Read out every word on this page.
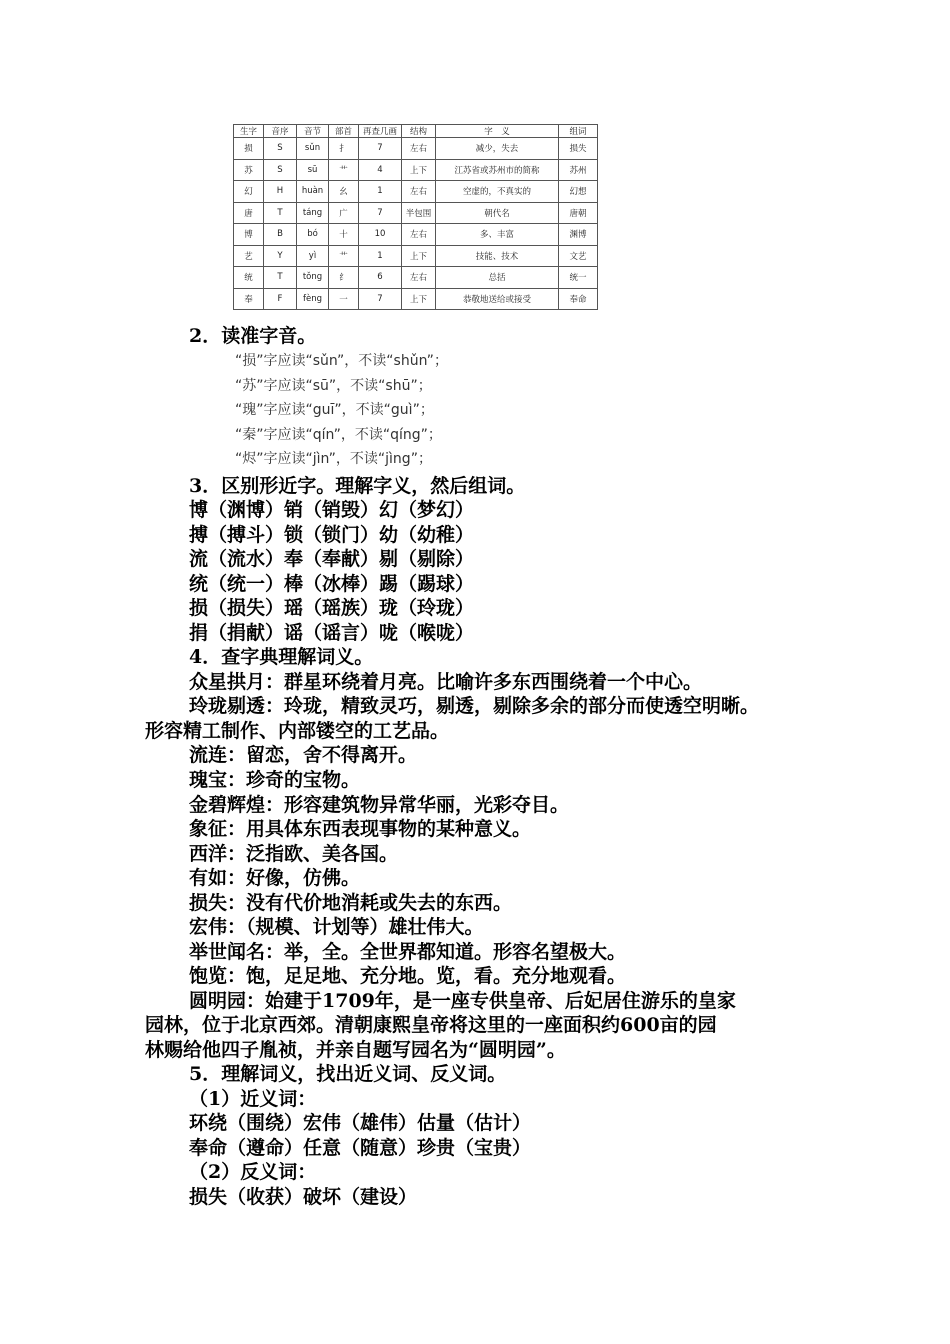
生字	音序	音节	部首	再查几画	结构	字　义	组词
损	S	sǔn	扌	7	左右	减少，失去	损失
苏	S	sū	艹	4	上下	江苏省或苏州市的简称	苏州
幻	H	huàn	幺	1	左右	空虚的，不真实的	幻想
唐	T	táng	广	7	半包围	朝代名	唐朝
博	B	bó	十	10	左右	多、丰富	渊博
艺	Y	yì	艹	1	上下	技能、技术	文艺
统	T	tǒng	纟	6	左右	总括	统一
奉	F	fèng	一	7	上下	恭敬地送给或接受	奉命
2．读准字音。
“损”字应读“sǔn”，不读“shǔn”；
“苏”字应读“sū”，不读“shū”；
“瑰”字应读“guī”，不读“guì”；
“秦”字应读“qín”，不读“qíng”；
“烬”字应读“jìn”，不读“jìng”；
3．区别形近字。理解字义，然后组词。
博（渊博）销（销毁）幻（梦幻）
搏（搏斗）锁（锁门）幼（幼稚）
流（流水）奉（奉献）剔（剔除）
统（统一）棒（冰棒）踢（踢球）
损（损失）瑶（瑶族）珑（玲珑）
捐（捐献）谣（谣言）咙（喉咙）
4．查字典理解词义。
众星拱月：群星环绕着月亮。比喻许多东西围绕着一个中心。
玲珑剔透：玲珑，精致灵巧，剔透，剔除多余的部分而使透空明晰。
形容精工制作、内部镂空的工艺品。
流连：留恋，舍不得离开。
瑰宝：珍奇的宝物。
金碧辉煌：形容建筑物异常华丽，光彩夺目。
象征：用具体东西表现事物的某种意义。
西洋：泛指欧、美各国。
有如：好像，仿佛。
损失：没有代价地消耗或失去的东西。
宏伟：（规模、计划等）雄壮伟大。
举世闻名：举，全。全世界都知道。形容名望极大。
饱览：饱，足足地、充分地。览，看。充分地观看。
圆明园：始建于1709年，是一座专供皇帝、后妃居住游乐的皇家
园林，位于北京西郊。清朝康熙皇帝将这里的一座面积约600亩的园
林赐给他四子胤祯，并亲自题写园名为“圆明园”。
5．理解词义，找出近义词、反义词。
（1）近义词：
环绕（围绕）宏伟（雄伟）估量（估计）
奉命（遵命）任意（随意）珍贵（宝贵）
（2）反义词：
损失（收获）破坏（建设）
